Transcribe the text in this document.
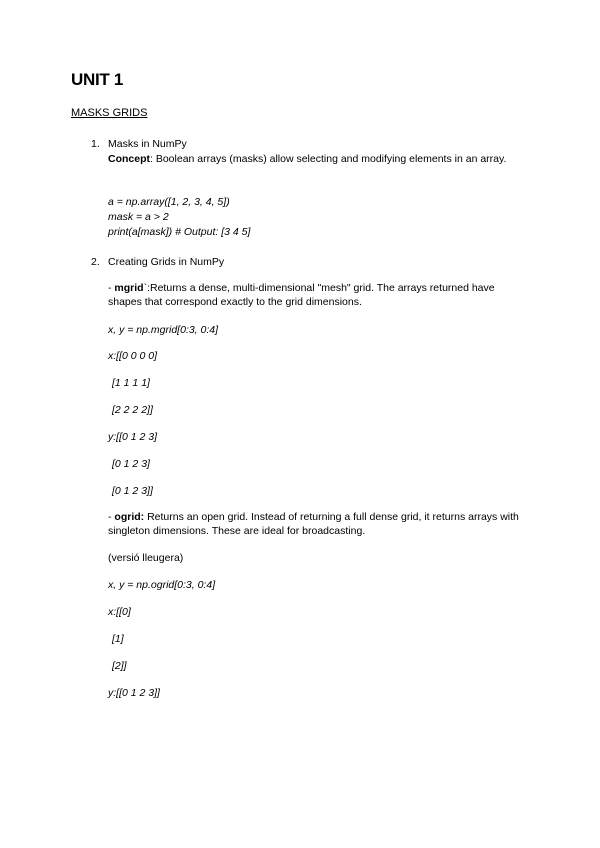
UNIT 1
MASKS GRIDS
1. Masks in NumPy
Concept: Boolean arrays (masks) allow selecting and modifying elements in an array.
a = np.array([1, 2, 3, 4, 5])
mask = a > 2
print(a[mask]) # Output: [3 4 5]
2. Creating Grids in NumPy
- mgrid`:Returns a dense, multi-dimensional "mesh" grid. The arrays returned have shapes that correspond exactly to the grid dimensions.
x, y = np.mgrid[0:3, 0:4]
x:[[0 0 0 0]
[1 1 1 1]
[2 2 2 2]]
y:[[0 1 2 3]
[0 1 2 3]
[0 1 2 3]]
- ogrid: Returns an open grid. Instead of returning a full dense grid, it returns arrays with singleton dimensions. These are ideal for broadcasting.
(versió lleugera)
x, y = np.ogrid[0:3, 0:4]
x:[[0]
[1]
[2]]
y:[[0 1 2 3]]
